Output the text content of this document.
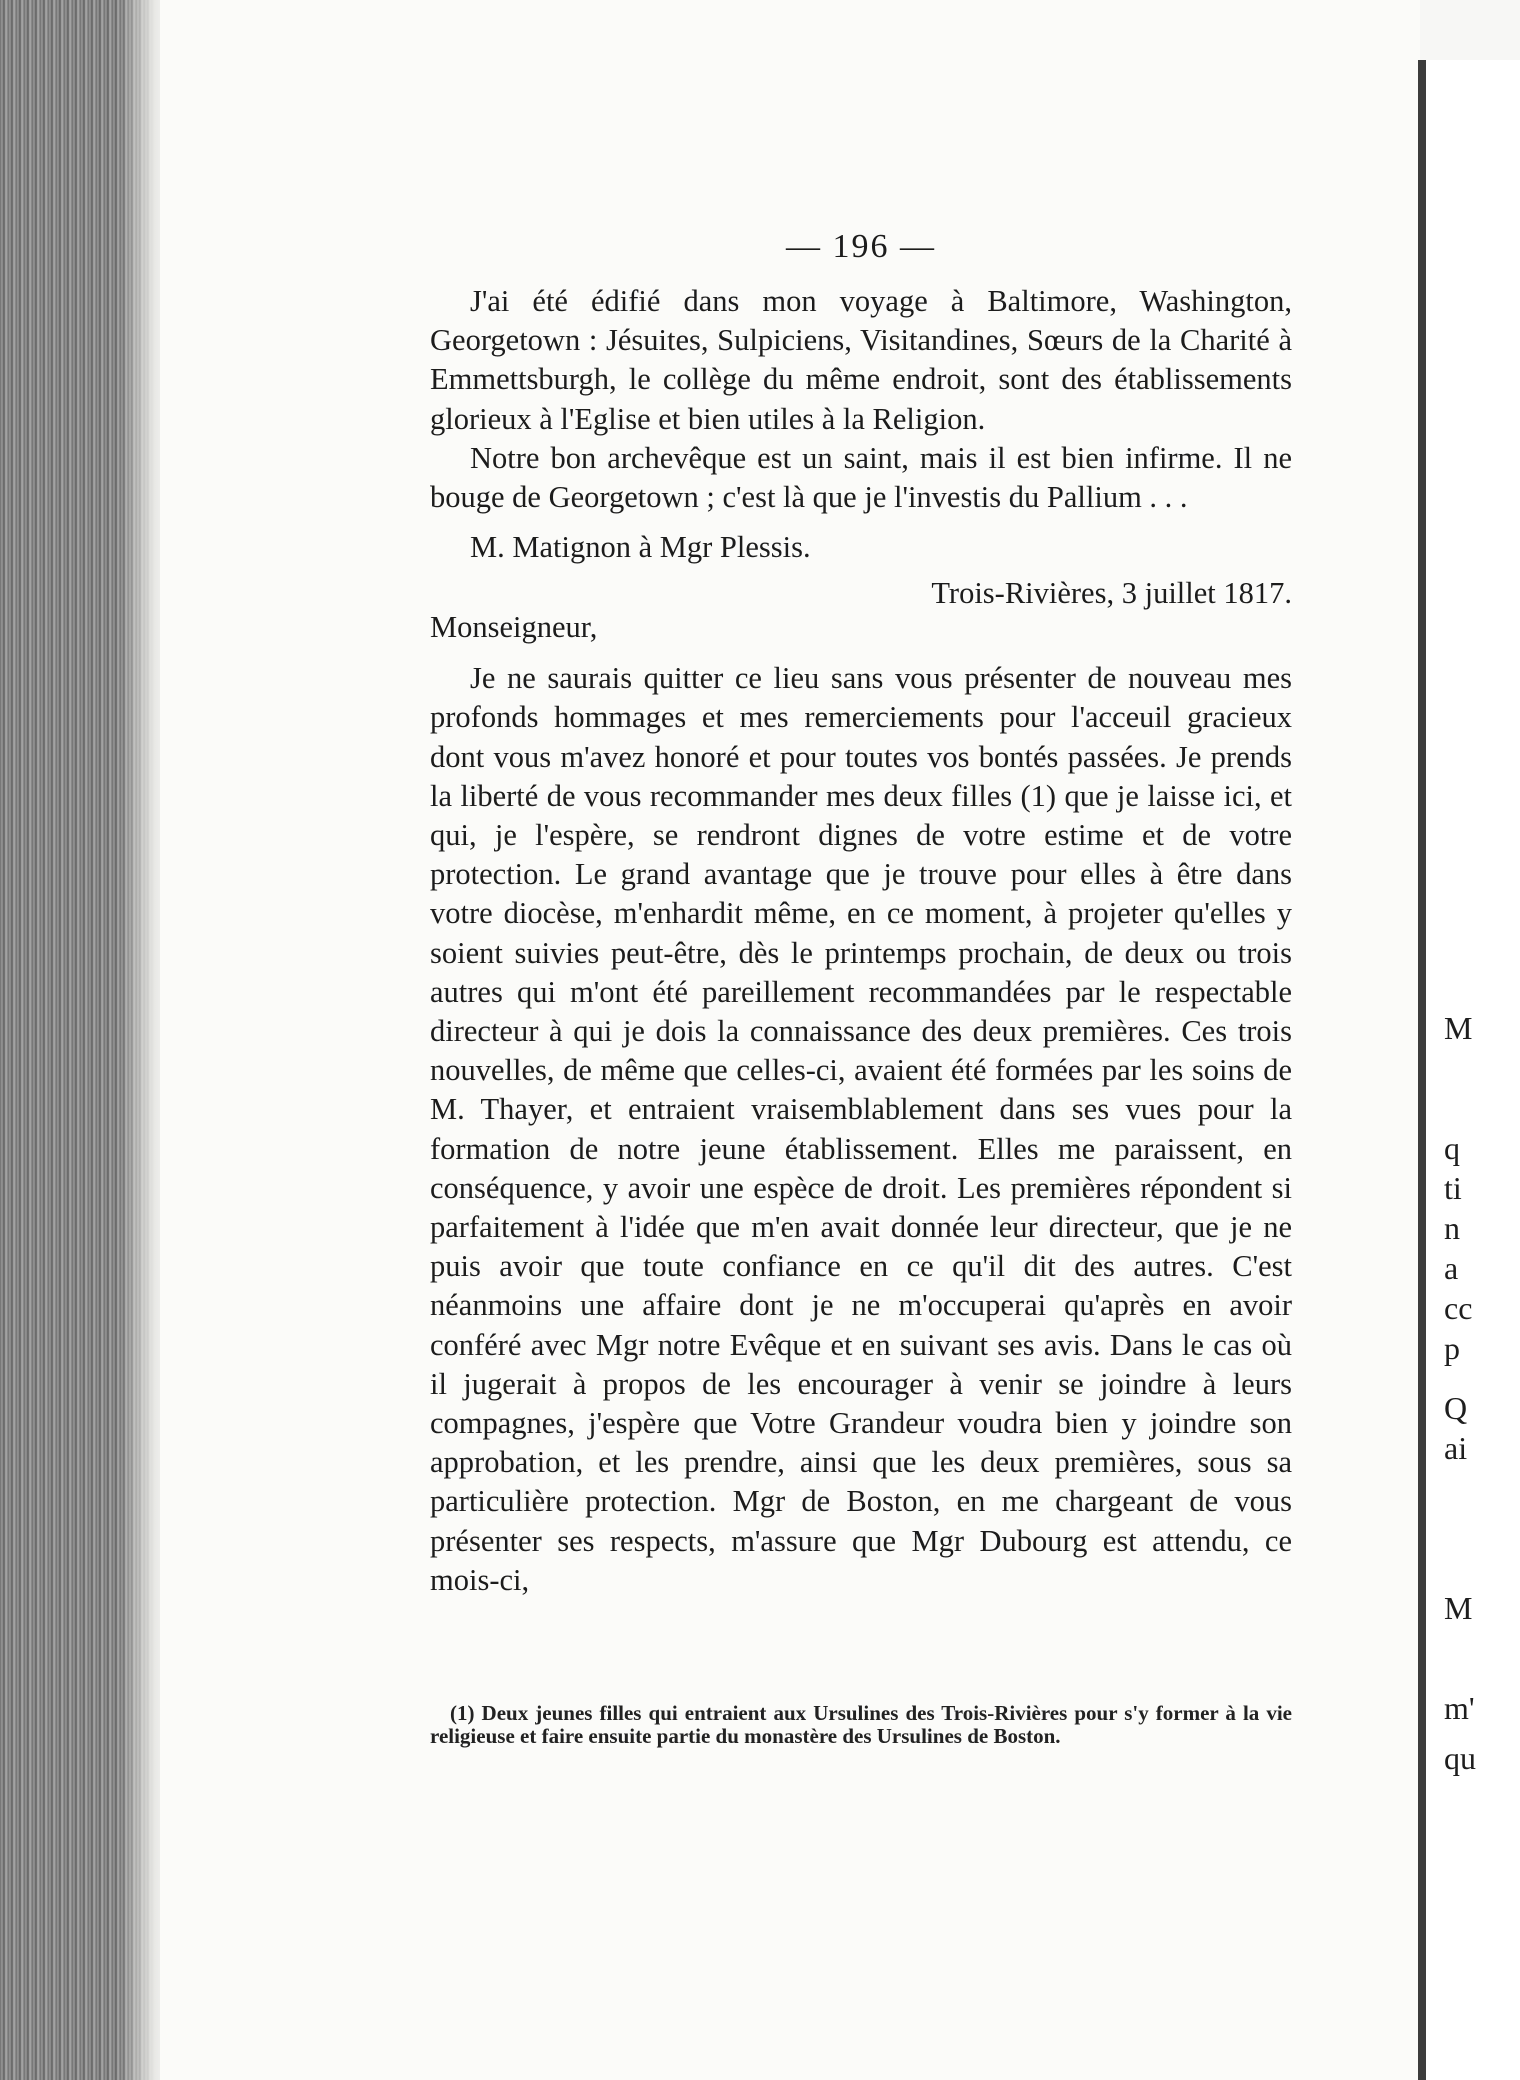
— 196 —

J'ai été édifié dans mon voyage à Baltimore, Washington, Georgetown : Jésuites, Sulpiciens, Visitandines, Sœurs de la Charité à Emmettsburgh, le collège du même endroit, sont des établissements glorieux à l'Eglise et bien utiles à la Religion.

Notre bon archevêque est un saint, mais il est bien infirme. Il ne bouge de Georgetown ; c'est là que je l'investis du Pallium . . .

M. Matignon à Mgr Plessis.

Trois-Rivières, 3 juillet 1817.

Monseigneur,

Je ne saurais quitter ce lieu sans vous présenter de nouveau mes profonds hommages et mes remerciements pour l'acceuil gracieux dont vous m'avez honoré et pour toutes vos bontés passées. Je prends la liberté de vous recommander mes deux filles (1) que je laisse ici, et qui, je l'espère, se rendront dignes de votre estime et de votre protection. Le grand avantage que je trouve pour elles à être dans votre diocèse, m'enhardit même, en ce moment, à projeter qu'elles y soient suivies peut-être, dès le printemps prochain, de deux ou trois autres qui m'ont été pareillement recommandées par le respectable directeur à qui je dois la connaissance des deux premières. Ces trois nouvelles, de même que celles-ci, avaient été formées par les soins de M. Thayer, et entraient vraisemblablement dans ses vues pour la formation de notre jeune établissement. Elles me paraissent, en conséquence, y avoir une espèce de droit. Les premières répondent si parfaitement à l'idée que m'en avait donnée leur directeur, que je ne puis avoir que toute confiance en ce qu'il dit des autres. C'est néanmoins une affaire dont je ne m'occuperai qu'après en avoir conféré avec Mgr notre Evêque et en suivant ses avis. Dans le cas où il jugerait à propos de les encourager à venir se joindre à leurs compagnes, j'espère que Votre Grandeur voudra bien y joindre son approbation, et les prendre, ainsi que les deux premières, sous sa particulière protection. Mgr de Boston, en me chargeant de vous présenter ses respects, m'assure que Mgr Dubourg est attendu, ce mois-ci,

(1) Deux jeunes filles qui entraient aux Ursulines des Trois-Rivières pour s'y former à la vie religieuse et faire ensuite partie du monastère des Ursulines de Boston.
M
q
ti
n
a
cc
p
Q
ai
M
m'
qu
